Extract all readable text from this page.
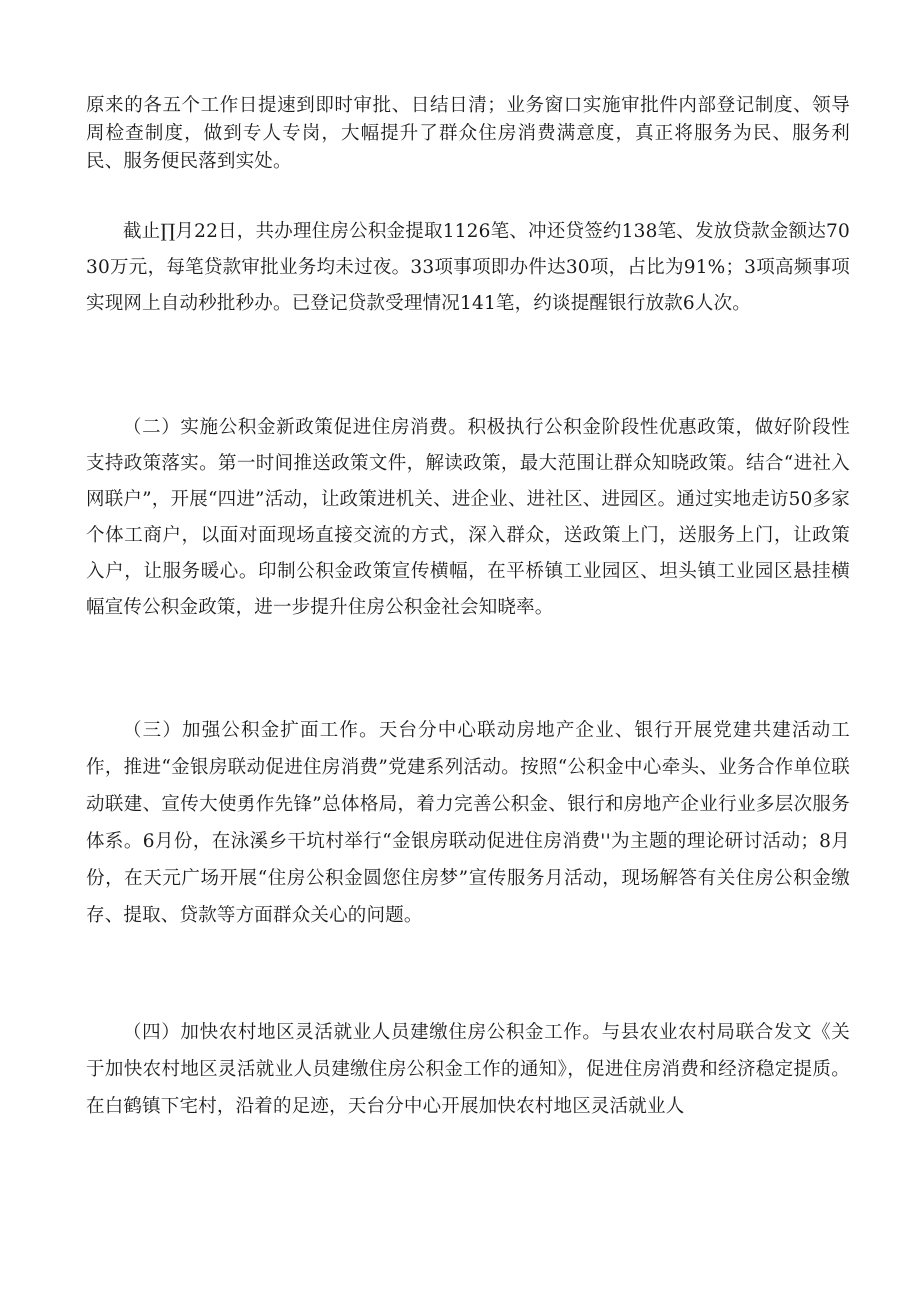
原来的各五个工作日提速到即时审批、日结日清；业务窗口实施审批件内部登记制度、领导周检查制度，做到专人专岗，大幅提升了群众住房消费满意度，真正将服务为民、服务利民、服务便民落到实处。

截止∏月22日，共办理住房公积金提取1126笔、冲还贷签约138笔、发放贷款金额达7030万元，每笔贷款审批业务均未过夜。33项事项即办件达30项，占比为91%；3项高频事项实现网上自动秒批秒办。已登记贷款受理情况141笔，约谈提醒银行放款6人次。

（二）实施公积金新政策促进住房消费。积极执行公积金阶段性优惠政策，做好阶段性支持政策落实。第一时间推送政策文件，解读政策，最大范围让群众知晓政策。结合“进社入网联户”，开展“四进”活动，让政策进机关、进企业、进社区、进园区。通过实地走访50多家个体工商户，以面对面现场直接交流的方式，深入群众，送政策上门，送服务上门，让政策入户，让服务暖心。印制公积金政策宣传横幅，在平桥镇工业园区、坦头镇工业园区悬挂横幅宣传公积金政策，进一步提升住房公积金社会知晓率。

（三）加强公积金扩面工作。天台分中心联动房地产企业、银行开展党建共建活动工作，推进“金银房联动促进住房消费”党建系列活动。按照“公积金中心牵头、业务合作单位联动联建、宣传大使勇作先锋”总体格局，着力完善公积金、银行和房地产企业行业多层次服务体系。6月份，在泳溪乡干坑村举行“金银房联动促进住房消费''为主题的理论研讨活动；8月份，在天元广场开展“住房公积金圆您住房梦”宣传服务月活动，现场解答有关住房公积金缴存、提取、贷款等方面群众关心的问题。

（四）加快农村地区灵活就业人员建缴住房公积金工作。与县农业农村局联合发文《关于加快农村地区灵活就业人员建缴住房公积金工作的通知》，促进住房消费和经济稳定提质。在白鹤镇下宅村，沿着的足迹，天台分中心开展加快农村地区灵活就业人
